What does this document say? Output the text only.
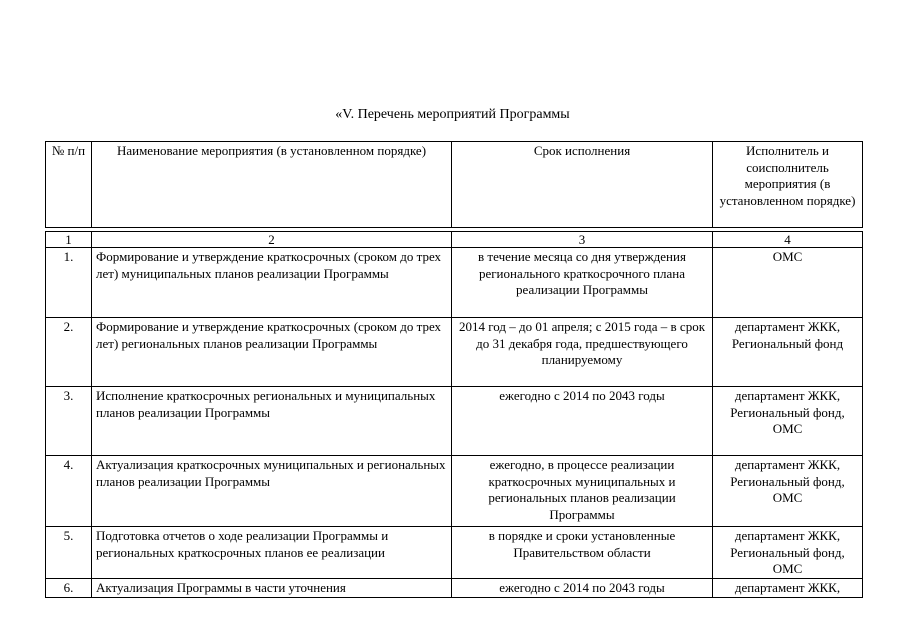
«V. Перечень мероприятий Программы
№ п/п	Наименование мероприятия (в установленном порядке)	Срок исполнения	Исполнитель и соисполнитель мероприятия (в установленном порядке)
1	2	3	4
1.	Формирование и утверждение краткосрочных (сроком до трех лет) муниципальных планов реализации Программы	в течение месяца со дня утверждения регионального краткосрочного плана реализации Программы	ОМС
2.	Формирование и утверждение краткосрочных (сроком до трех лет) региональных планов реализации Программы	2014 год – до 01 апреля; с 2015 года – в срок до 31 декабря года, предшествующего планируемому	департамент ЖКК, Региональный фонд
3.	Исполнение краткосрочных региональных и муниципальных планов реализации Программы	ежегодно с 2014 по 2043 годы	департамент ЖКК, Региональный фонд, ОМС
4.	Актуализация краткосрочных муниципальных и региональных планов реализации Программы	ежегодно, в процессе реализации краткосрочных муниципальных и региональных планов реализации Программы	департамент ЖКК, Региональный фонд, ОМС
5.	Подготовка отчетов о ходе реализации Программы и региональных краткосрочных планов ее реализации	в порядке и сроки установленные Правительством области	департамент ЖКК, Региональный фонд, ОМС
6.	Актуализация Программы в части уточнения	ежегодно с 2014 по 2043 годы	департамент ЖКК,
